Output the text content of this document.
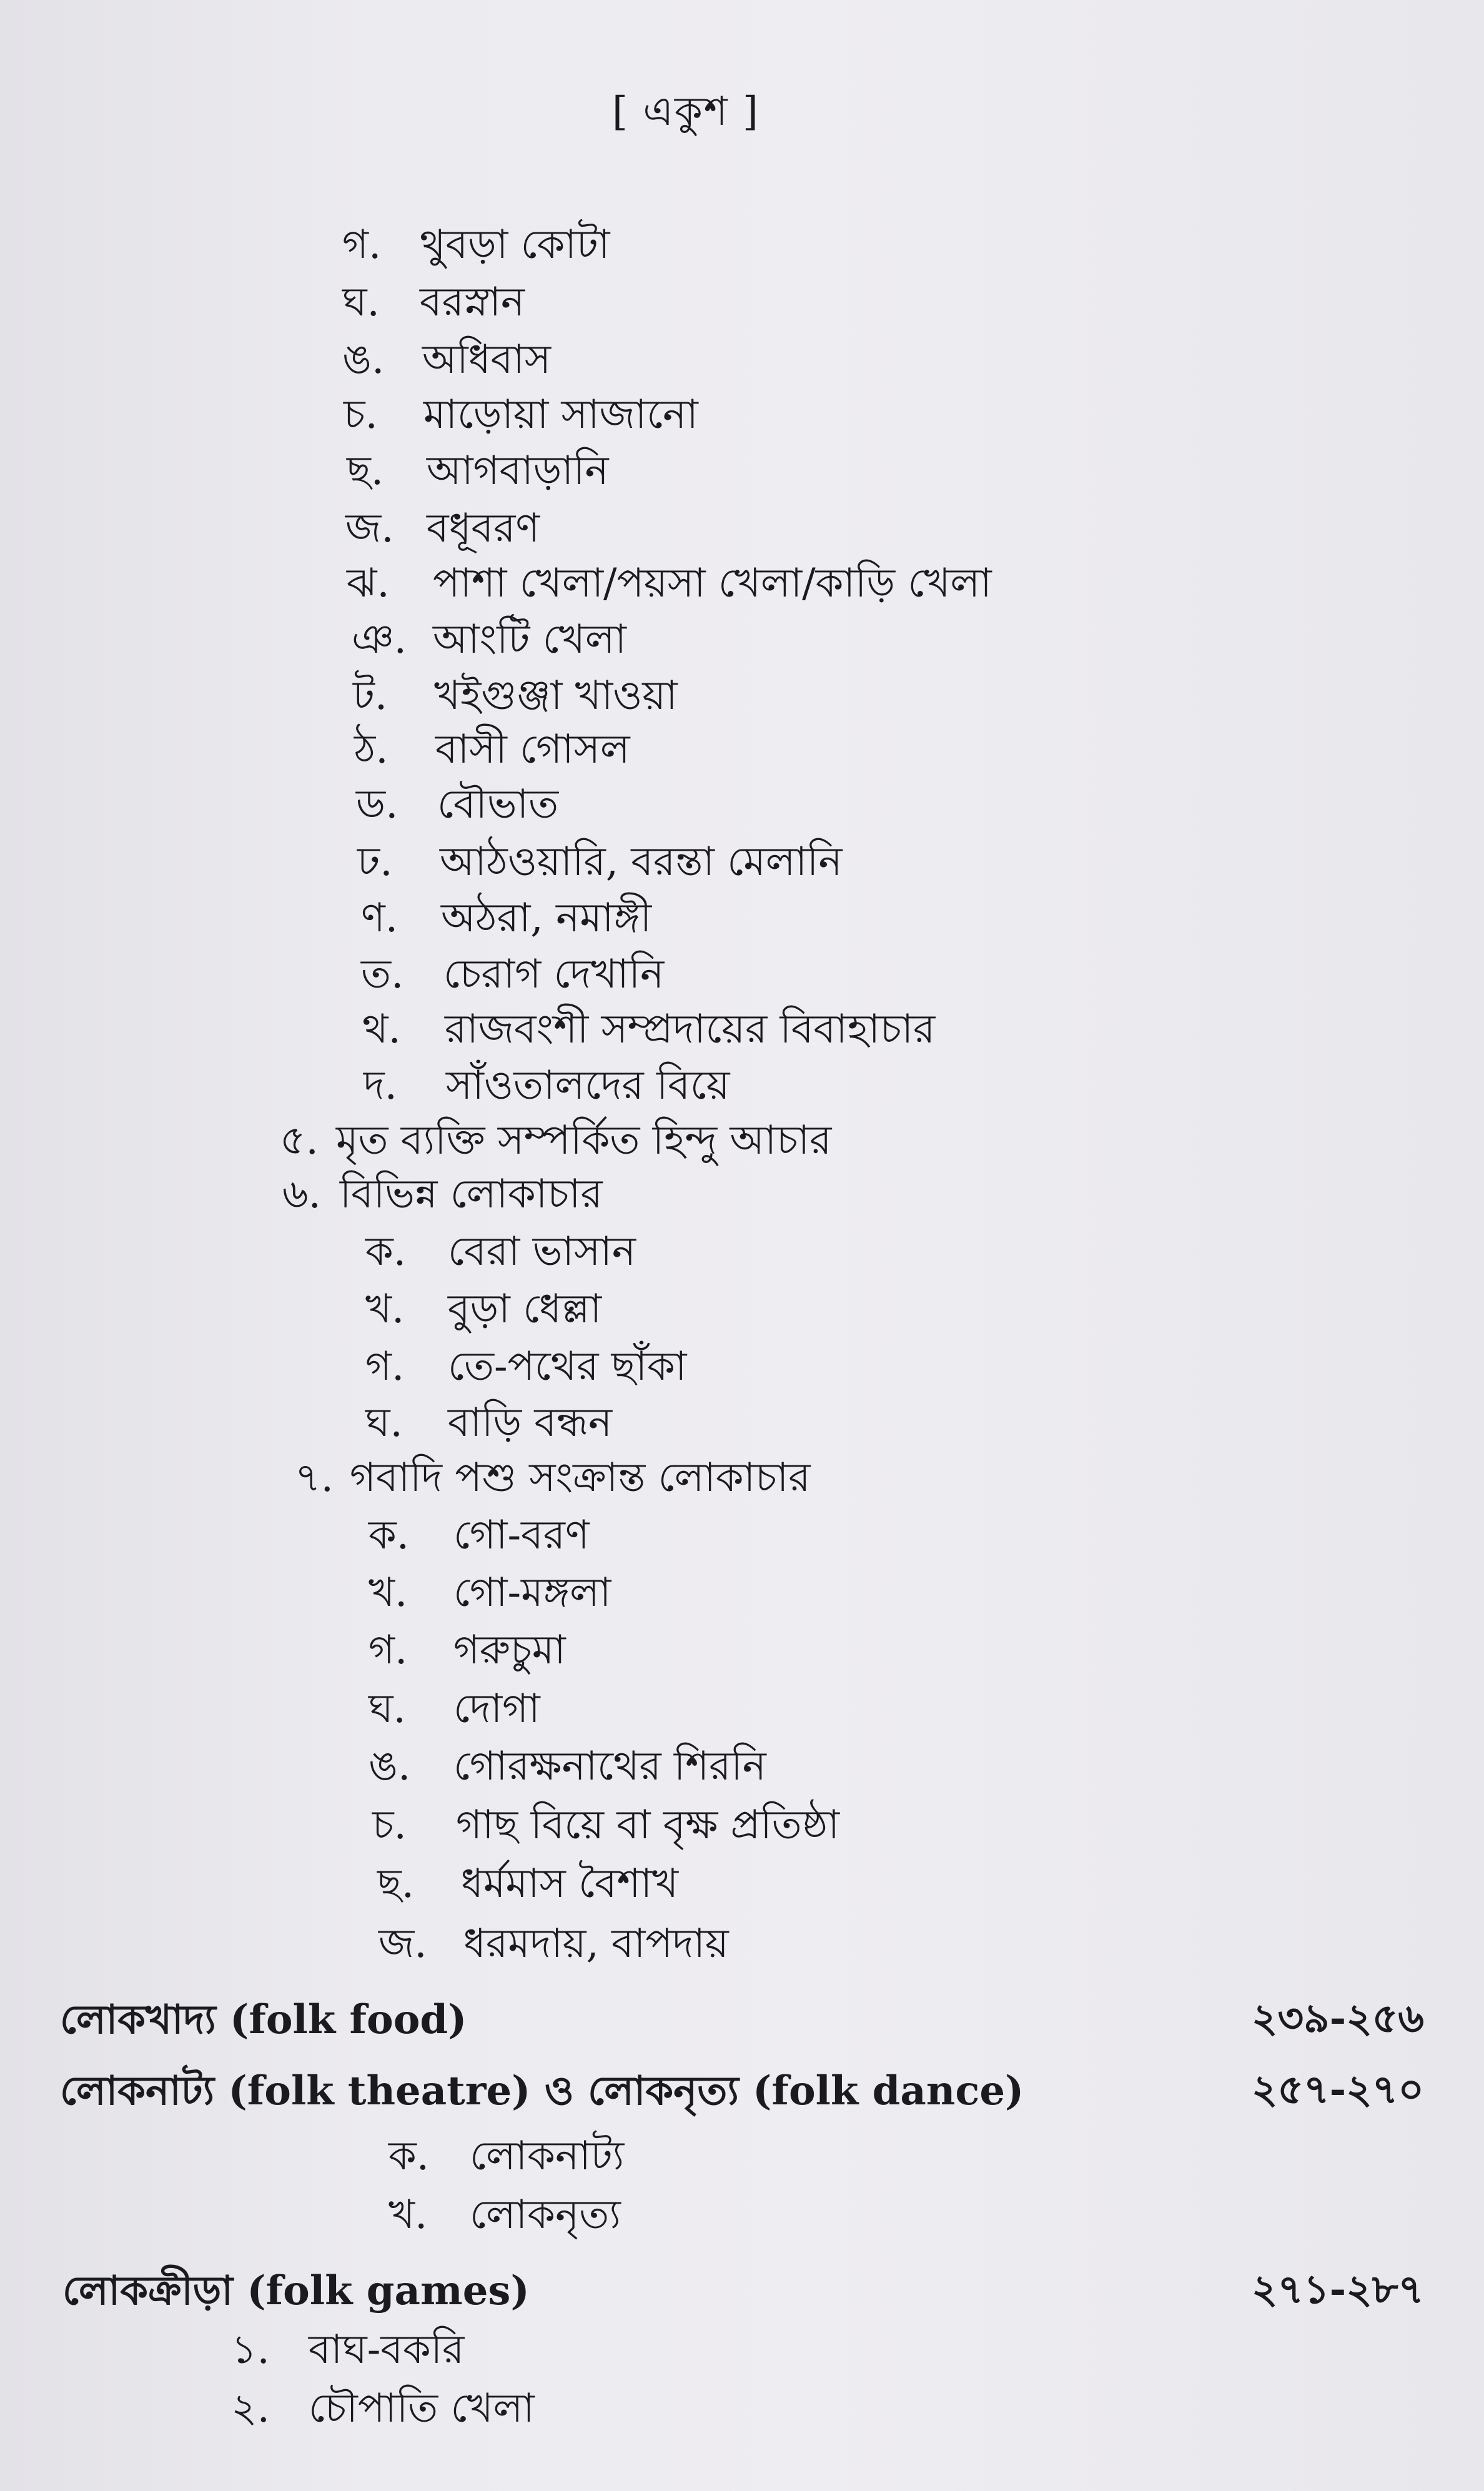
[ একুশ ]
গ. থুবড়া কোটা
ঘ. বরস্নান
ঙ. অধিবাস
চ. মাড়োয়া সাজানো
ছ. আগবাড়ানি
জ. বধূবরণ
ঝ. পাশা খেলা/পয়সা খেলা/কাড়ি খেলা
ঞ. আংটি খেলা
ট. খইগুঞ্জা খাওয়া
ঠ. বাসী গোসল
ড. বৌভাত
ঢ. আঠওয়ারি, বরন্তা মেলানি
ণ. অঠরা, নমাঙ্গী
ত. চেরাগ দেখানি
থ. রাজবংশী সম্প্রদায়ের বিবাহাচার
দ. সাঁওতালদের বিয়ে
৫. মৃত ব্যক্তি সম্পর্কিত হিন্দু আচার
৬. বিভিন্ন লোকাচার
ক. বেরা ভাসান
খ. বুড়া ধেল্লা
গ. তে-পথের ছাঁকা
ঘ. বাড়ি বন্ধন
৭. গবাদি পশু সংক্রান্ত লোকাচার
ক. গো-বরণ
খ. গো-মঙ্গলা
গ. গরুচুমা
ঘ. দোগা
ঙ. গোরক্ষনাথের শিরনি
চ. গাছ বিয়ে বা বৃক্ষ প্রতিষ্ঠা
ছ. ধর্মমাস বৈশাখ
জ. ধরমদায়, বাপদায়
লোকখাদ্য (folk food)	২৩৯-২৫৬
লোকনাট্য (folk theatre) ও লোকনৃত্য (folk dance)	২৫৭-২৭০
ক. লোকনাট্য
খ. লোকনৃত্য
লোকক্রীড়া (folk games)	২৭১-২৮৭
১. বাঘ-বকরি
২. চৌপাতি খেলা
